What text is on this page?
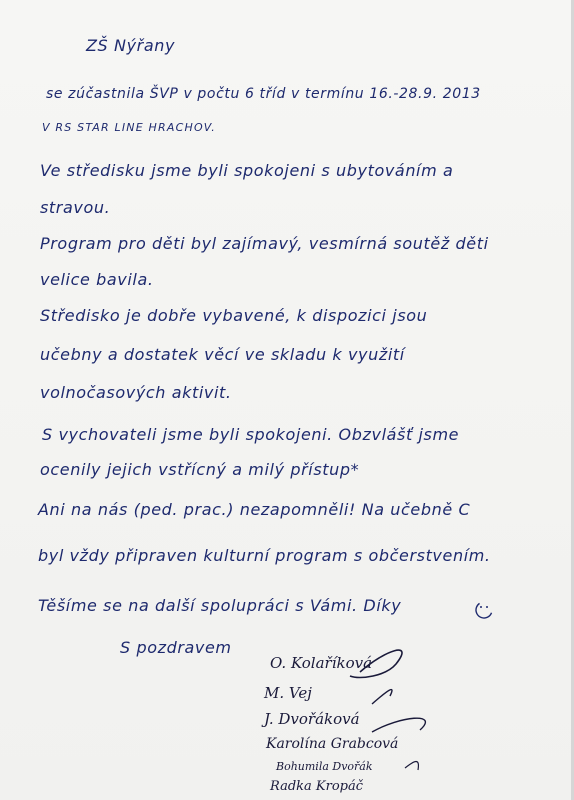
ZŠ Nýřany
se zúčastnila ŠVP v počtu 6 tříd v termínu 16.-28.9. 2013
V RS STAR LINE HRACHOV.
Ve středisku jsme byli spokojeni s ubytováním a
stravou.
Program pro děti byl zajímavý, vesmírná soutěž děti
velice bavila.
Středisko je dobře vybavené, k dispozici jsou
učebny a dostatek věcí ve skladu k využití
volnočasových aktivit.
S vychovateli jsme byli spokojeni. Obzvlášť jsme
ocenily jejich vstřícný a milý přístup*
Ani na nás (ped. prac.) nezapomněli! Na učebně C
byl vždy připraven kulturní program s občerstvením.
Těšíme se na další spolupráci s Vámi. Díky
S pozdravem
O. Kolaříková
M. Vej
J. Dvořáková
Karolína Grabcová
Bohumila Dvořák
Radka Kropáč
